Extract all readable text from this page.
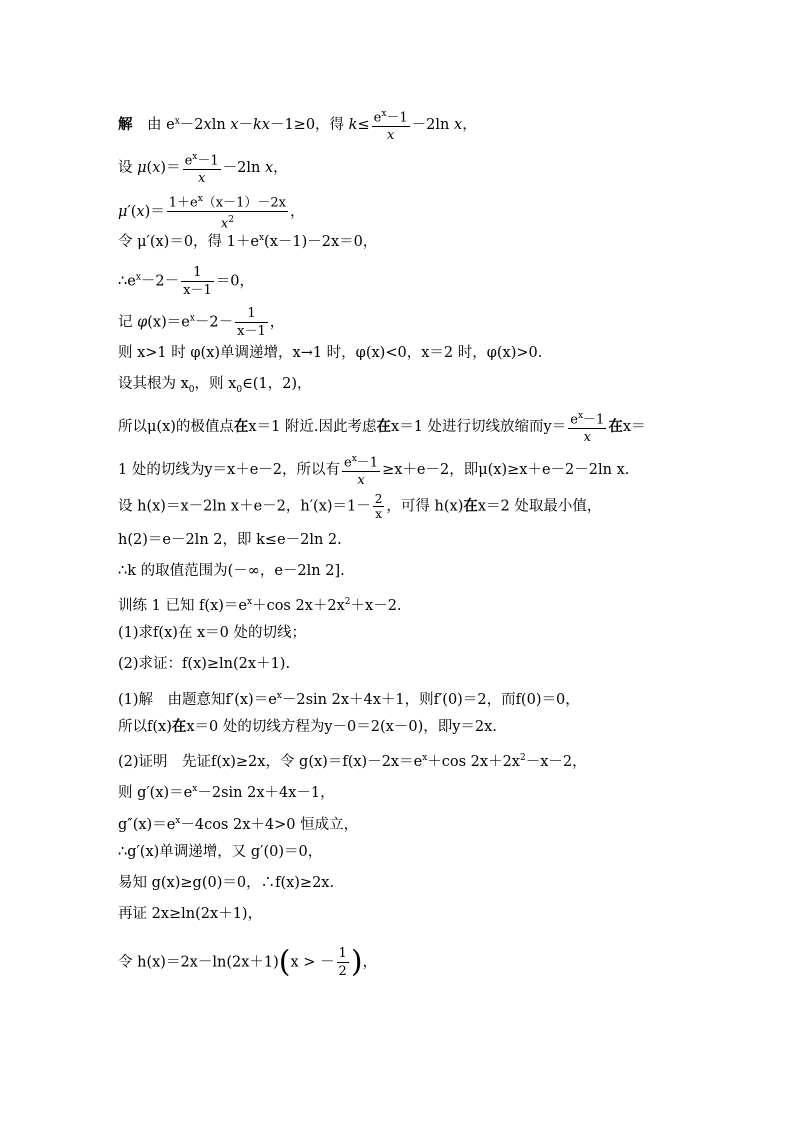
解　 由 $e^x-2xln$ x－kx－1≥0，得 $k\le \frac{e^x-1}{x} -2\ln$ x，
设 $\mu(x)= \frac{e^x-1}{x} -2\ln$ x，
$\mu'(x)= \frac{1+e^x(x-1)-2x}{x^2}$ ，
令 μ′(x)＝0，得 $1+e^x(x-1)-2x=0$，
$\therefore e^x-2- \frac{1}{x-1} =0$，
记 $\varphi(x)=e^x-2- \frac{1}{x-1}$ ，
则 x>1 时 φ(x)单调递增，x→1 时，φ(x)<0，x＝2 时，φ(x)>0.
设其根为 $x_0$，则 $x_0\in(1$，2)，
所以μ(x)的极值点在x＝1 附近.因此考虑在x＝1 处进行切线放缩而$y= \frac{e^x-1}{x}$ 在x＝
1 处的切线为y＝x＋e－2，所以有 $\frac{e^x-1}{x} \ge x+e-2$，即μ(x)≥x＋e－2－2ln x.
设 h(x)＝x－2ln x＋e－2，$h'(x)=1- \frac{2}{x}$ ，可得 h(x)在x＝2 处取最小值，
h(2)＝e－2ln 2，即 k≤e－2ln 2.
∴k 的取值范围为(－∞，e－2ln 2].
训练 1 已知 $f(x)=e^x+\cos$ $2x+2x^2+x-2$.
(1)求f(x)在 x＝0 处的切线；
(2)求证：f(x)≥ln(2x＋1).
(1)解　由题意知$f'(x)=e^x-2\sin$ 2x＋4x＋1，则f′(0)＝2，而f(0)＝0，
所以f(x)在x＝0 处的切线方程为y－0＝2(x－0)，即y＝2x.
(2)证明　先证f(x)≥2x，令 $g(x)=f(x)-2x=e^x+\cos$ $2x+2x^2-x-2$，
则 $g'(x)=e^x-2\sin$ 2x＋4x－1，
$g''(x)=e^x-4\cos$ 2x＋4>0 恒成立，
∴g′(x)单调递增，又 g′(0)＝0，
易知 g(x)≥g(0)＝0，∴f(x)≥2x.
再证 2x≥ln(2x＋1)，
令 h(x)＝2x－ln(2x＋1)(x > － $\frac{1}{2}$ )，
